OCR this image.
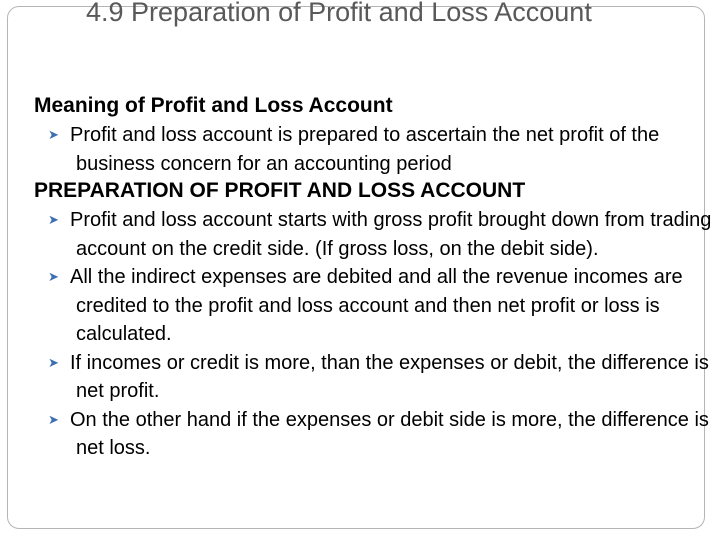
4.9 Preparation of Profit and Loss Account
Meaning of Profit and Loss Account
➤ Profit and loss account is prepared to ascertain the net profit of the business concern for an accounting period
PREPARATION OF PROFIT AND LOSS ACCOUNT
➤ Profit and loss account starts with gross profit brought down from trading account on the credit side. (If gross loss, on the debit side).
➤ All the indirect expenses are debited and all the revenue incomes are credited to the profit and loss account and then net profit or loss is calculated.
➤ If incomes or credit is more, than the expenses or debit, the difference is net profit.
➤ On the other hand if the expenses or debit side is more, the difference is net loss.
